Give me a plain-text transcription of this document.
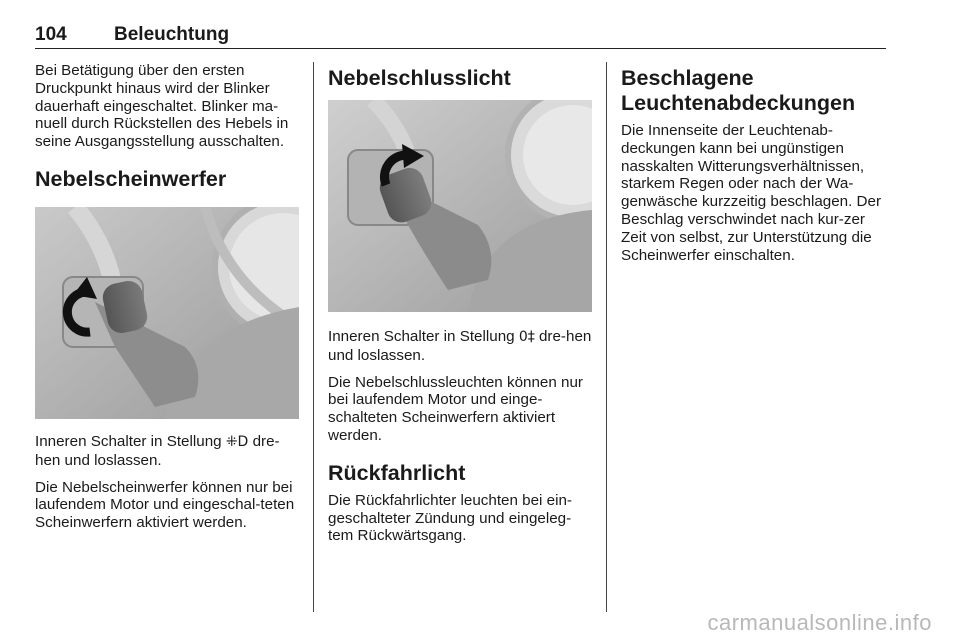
104 Beleuchtung

Bei Betätigung über den ersten Druckpunkt hinaus wird der Blinker dauerhaft eingeschaltet. Blinker ma-nuell durch Rückstellen des Hebels in seine Ausgangsstellung ausschalten.

Nebelscheinwerfer

Inneren Schalter in Stellung ⁜D dre-hen und loslassen.

Die Nebelscheinwerfer können nur bei laufendem Motor und eingeschal-teten Scheinwerfern aktiviert werden.

Nebelschlusslicht

Inneren Schalter in Stellung 0‡ dre-hen und loslassen.

Die Nebelschlussleuchten können nur bei laufendem Motor und einge-schalteten Scheinwerfern aktiviert werden.

Rückfahrlicht

Die Rückfahrlichter leuchten bei ein-geschalteter Zündung und eingeleg-tem Rückwärtsgang.

Beschlagene Leuchtenabdeckungen

Die Innenseite der Leuchtenab-deckungen kann bei ungünstigen nasskalten Witterungsverhältnissen, starkem Regen oder nach der Wa-genwäsche kurzzeitig beschlagen. Der Beschlag verschwindet nach kur-zer Zeit von selbst, zur Unterstützung die Scheinwerfer einschalten.

carmanualsonline.info
